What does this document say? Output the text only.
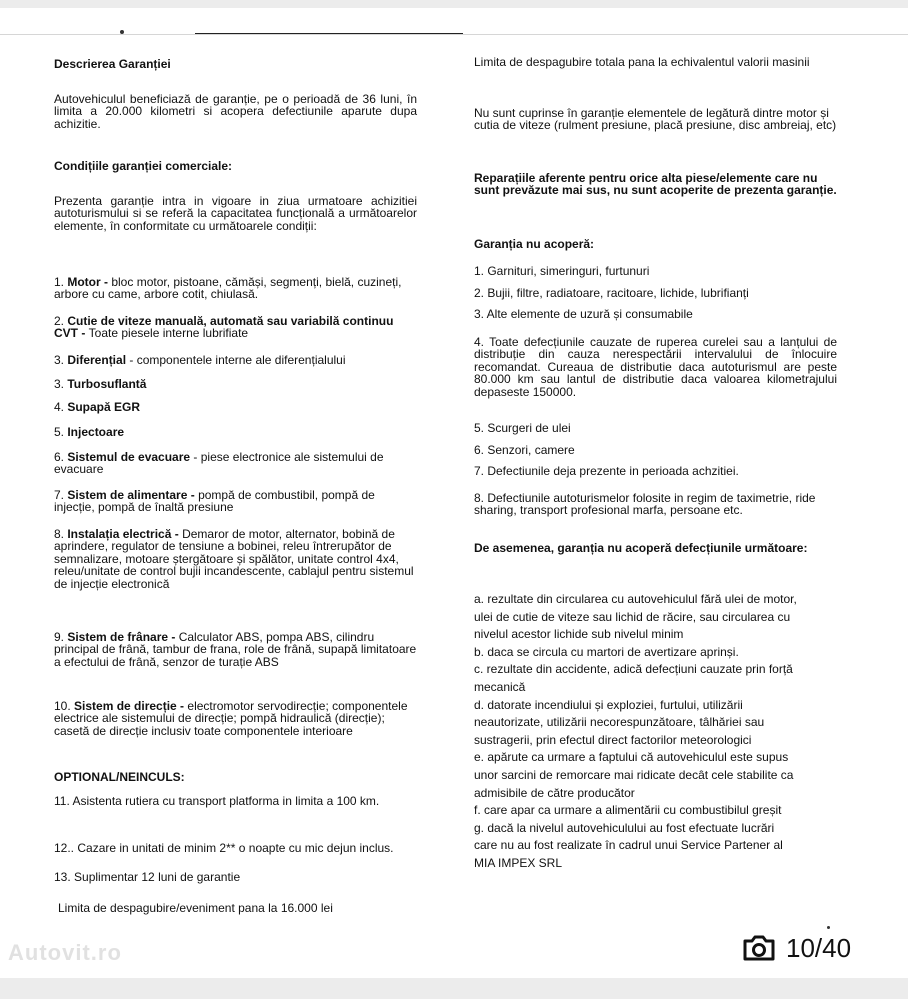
Descrierea Garanției

Autovehiculul beneficiază de garanție, pe o perioadă de 36 luni, în limita a 20.000 kilometri si acopera defectiunile aparute dupa achizitie.

Condițiile garanției comerciale:

Prezenta garanție intra in vigoare in ziua urmatoare achizitiei autoturismului si se referă la capacitatea funcțională a următoarelor elemente, în conformitate cu următoarele condiții:

1. Motor - bloc motor, pistoane, cămăși, segmenți, bielă, cuzineți, arbore cu came, arbore cotit, chiulasă.

2. Cutie de viteze manuală, automată sau variabilă continuu CVT - Toate piesele interne lubrifiate

3. Diferențial - componentele interne ale diferențialului

3. Turbosuflantă

4. Supapă EGR

5. Injectoare

6. Sistemul de evacuare - piese electronice ale sistemului de evacuare

7. Sistem de alimentare - pompă de combustibil, pompă de injecție, pompă de înaltă presiune

8. Instalația electrică - Demaror de motor, alternator, bobină de aprindere, regulator de tensiune a bobinei, releu întrerupător de semnalizare, motoare ștergătoare și spălător, unitate control 4x4, releu/unitate de control bujii incandescente, cablajul pentru sistemul de injecție electronică

9. Sistem de frânare - Calculator ABS, pompa ABS, cilindru principal de frână, tambur de frana, role de frână, supapă limitatoare a efectului de frână, senzor de turație ABS

10. Sistem de direcție - electromotor servodirecție; componentele electrice ale sistemului de direcție; pompă hidraulică (direcție); casetă de direcție inclusiv toate componentele interioare

OPTIONAL/NEINCULS:

11. Asistenta rutiera cu transport platforma in limita a 100 km.

12.. Cazare in unitati de minim 2** o noapte cu mic dejun inclus.

13. Suplimentar 12 luni de garantie

Limita de despagubire/eveniment pana la 16.000 lei

Limita de despagubire totala pana la echivalentul valorii masinii

Nu sunt cuprinse în garanție elementele de legătură dintre motor și cutia de viteze (rulment presiune, placă presiune, disc ambreiaj, etc)

Reparațiile aferente pentru orice alta piese/elemente care nu sunt prevăzute mai sus, nu sunt acoperite de prezenta garanție.

Garanția nu acoperă:

1. Garnituri, simeringuri, furtunuri

2. Bujii, filtre, radiatoare, racitoare, lichide, lubrifianți

3. Alte elemente de uzură și consumabile

4. Toate defecțiunile cauzate de ruperea curelei sau a lanțului de distribuție din cauza nerespectării intervalului de înlocuire recomandat. Cureaua de distributie daca autoturismul are peste 80.000 km sau lantul de distributie daca valoarea kilometrajului depaseste 150000.

5. Scurgeri de ulei

6. Senzori, camere

7. Defectiunile deja prezente in perioada achzitiei.

8. Defectiunile autoturismelor folosite in regim de taximetrie, ride sharing, transport profesional marfa, persoane etc.

De asemenea, garanția nu acoperă defecțiunile următoare:

a. rezultate din circularea cu autovehiculul fără ulei de motor,
ulei de cutie de viteze sau lichid de răcire, sau circularea cu
nivelul acestor lichide sub nivelul minim
b. daca se circula cu martori de avertizare aprinși.
c. rezultate din accidente, adică defecțiuni cauzate prin forță
mecanică
d. datorate incendiului și exploziei, furtului, utilizării
neautorizate, utilizării necorespunzătoare, tâlhăriei sau
sustragerii, prin efectul direct factorilor meteorologici
e. apărute ca urmare a faptului că autovehiculul este supus
unor sarcini de remorcare mai ridicate decât cele stabilite ca
admisibile de către producător
f. care apar ca urmare a alimentării cu combustibilul greșit
g. dacă la nivelul autovehiculului au fost efectuate lucrări
care nu au fost realizate în cadrul unui Service Partener al
MIA IMPEX SRL
Autovit.ro	10/40
